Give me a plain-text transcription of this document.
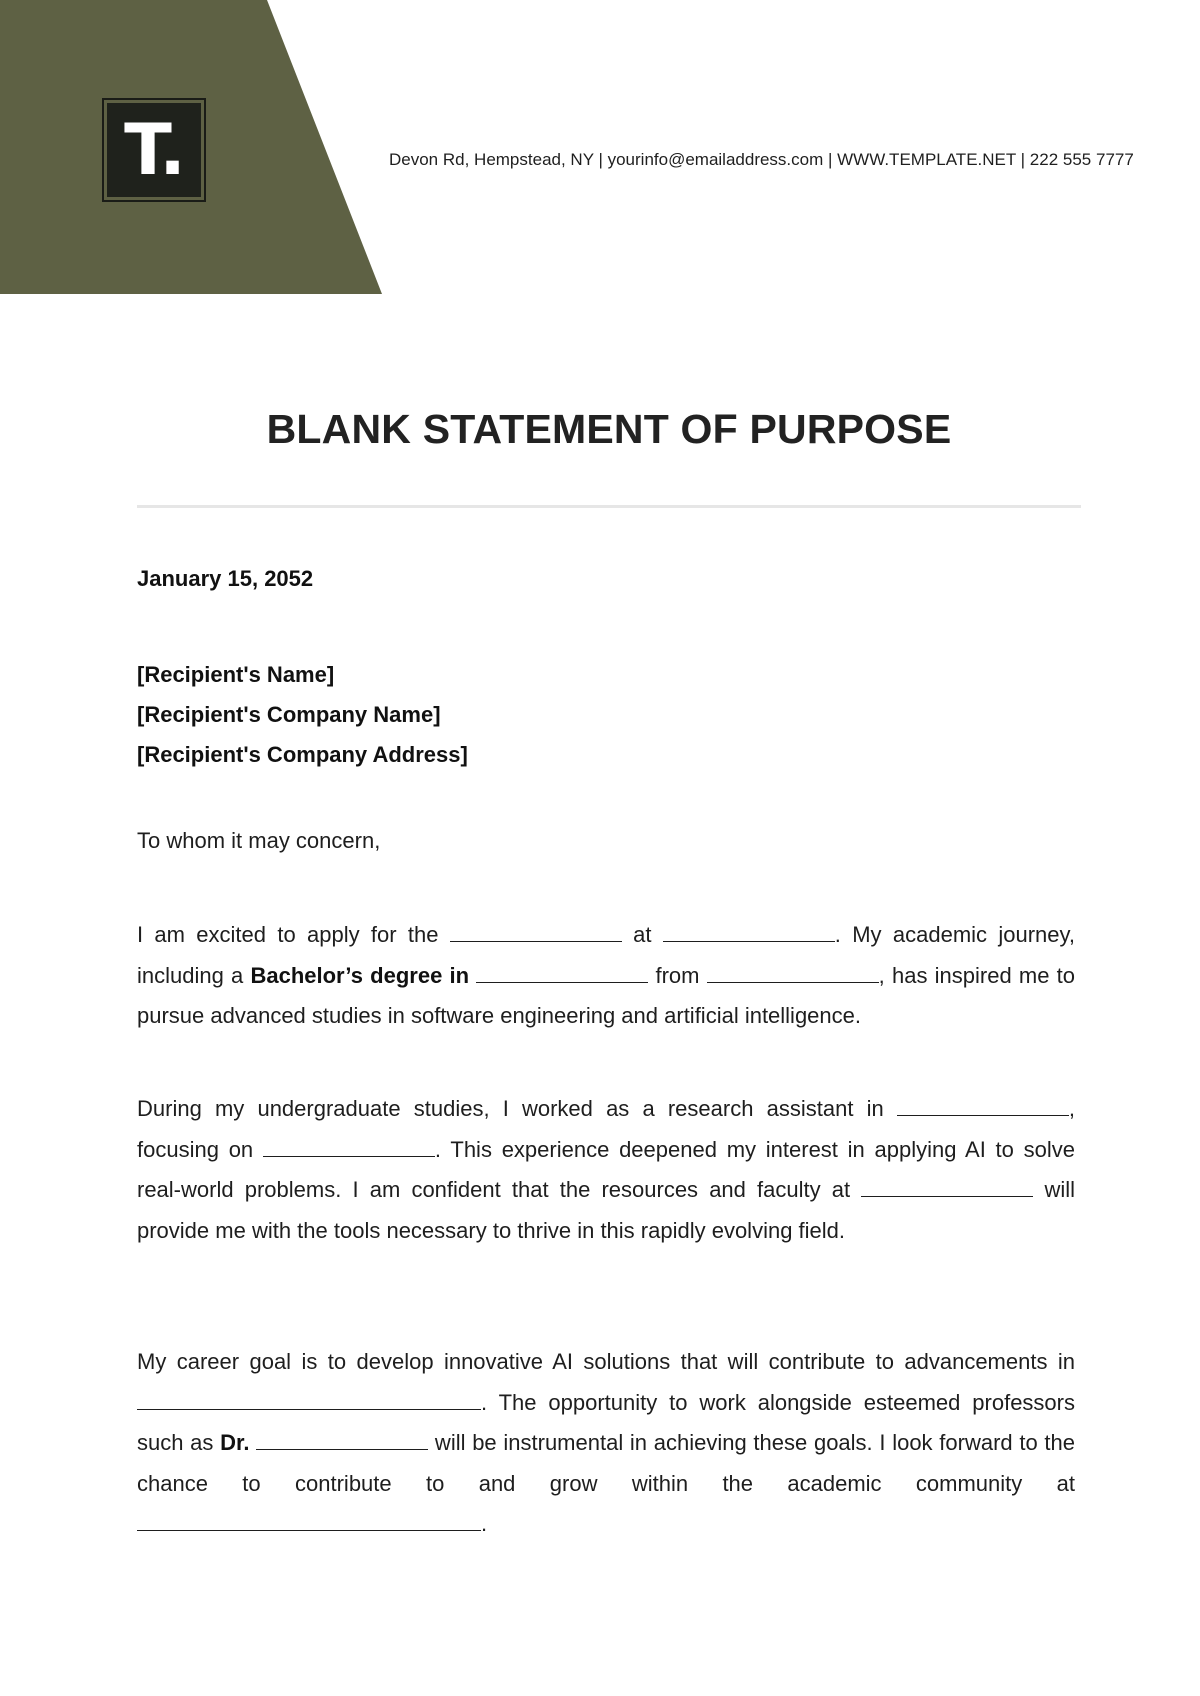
T.	Devon Rd, Hempstead, NY | yourinfo@emailaddress.com | WWW.TEMPLATE.NET | 222 555 7777
BLANK STATEMENT OF PURPOSE
January 15, 2052
[Recipient's Name]
[Recipient's Company Name]
[Recipient's Company Address]
To whom it may concern,

I am excited to apply for the	at	. My academic journey, including a Bachelor’s degree in	from	, has inspired me to pursue advanced studies in software engineering and artificial intelligence.

During my undergraduate studies, I worked as a research assistant in	, focusing on	. This experience deepened my interest in applying AI to solve real-world problems. I am confident that the resources and faculty at	will provide me with the tools necessary to thrive in this rapidly evolving field.

My career goal is to develop innovative AI solutions that will contribute to advancements in . The opportunity to work alongside esteemed professors such as Dr.	will be instrumental in achieving these goals. I look forward to the chance to contribute to and grow within the academic community at .
